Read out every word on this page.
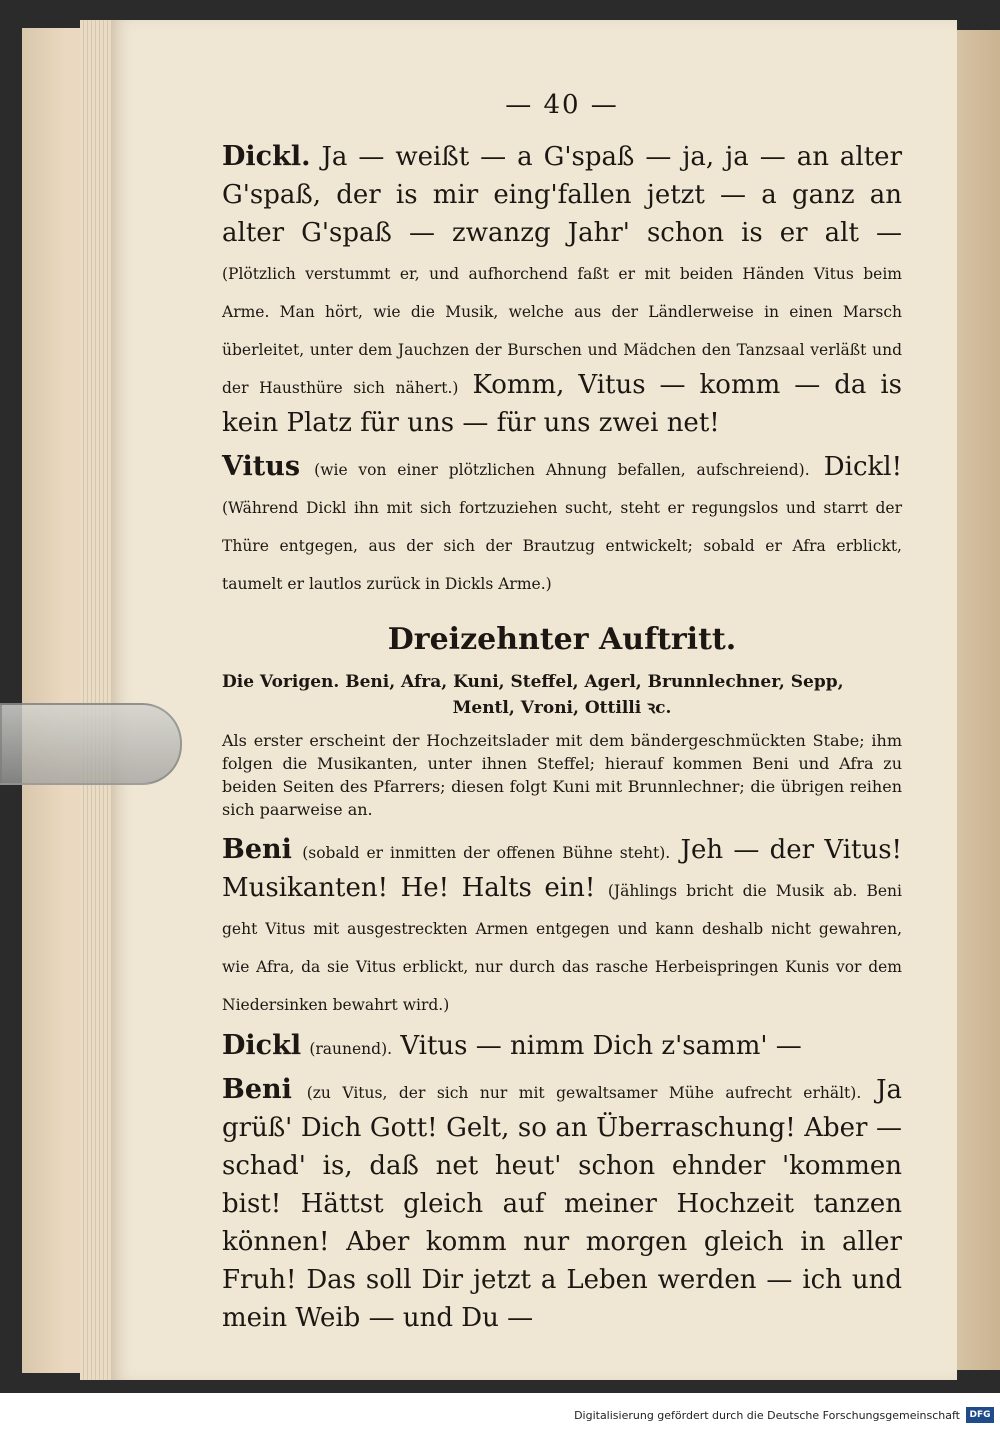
— 40 —

Dickl. Ja — weißt — a G'spaß — ja, ja — an alter G'spaß, der is mir eing'fallen jetzt — a ganz an alter G'spaß — zwanzg Jahr' schon is er alt — (Plötzlich verstummt er, und aufhorchend faßt er mit beiden Händen Vitus beim Arme. Man hört, wie die Musik, welche aus der Ländlerweise in einen Marsch überleitet, unter dem Jauchzen der Burschen und Mädchen den Tanzsaal verläßt und der Hausthüre sich nähert.) Komm, Vitus — komm — da is kein Platz für uns — für uns zwei net!

Vitus (wie von einer plötzlichen Ahnung befallen, aufschreiend). Dickl! (Während Dickl ihn mit sich fortzuziehen sucht, steht er regungslos und starrt der Thüre entgegen, aus der sich der Brautzug entwickelt; sobald er Afra erblickt, taumelt er lautlos zurück in Dickls Arme.)

Dreizehnter Auftritt.
Die Vorigen. Beni, Afra, Kuni, Steffel, Agerl, Brunnlechner, Sepp,
Mentl, Vroni, Ottilli ꝛc.
Als erster erscheint der Hochzeitslader mit dem bändergeschmückten Stabe; ihm folgen die Musikanten, unter ihnen Steffel; hierauf kommen Beni und Afra zu beiden Seiten des Pfarrers; diesen folgt Kuni mit Brunnlechner; die übrigen reihen sich paarweise an.

Beni (sobald er inmitten der offenen Bühne steht). Jeh — der Vitus! Musikanten! He! Halts ein! (Jählings bricht die Musik ab. Beni geht Vitus mit ausgestreckten Armen entgegen und kann deshalb nicht gewahren, wie Afra, da sie Vitus erblickt, nur durch das rasche Herbeispringen Kunis vor dem Niedersinken bewahrt wird.)

Dickl (raunend). Vitus — nimm Dich z'samm' —

Beni (zu Vitus, der sich nur mit gewaltsamer Mühe aufrecht erhält). Ja grüß' Dich Gott! Gelt, so an Überraschung! Aber — schad' is, daß net heut' schon ehnder 'kommen bist! Hättst gleich auf meiner Hochzeit tanzen können! Aber komm nur morgen gleich in aller Fruh! Das soll Dir jetzt a Leben werden — ich und mein Weib — und Du —

Digitalisierung gefördert durch die Deutsche Forschungsgemeinschaft	DFG
